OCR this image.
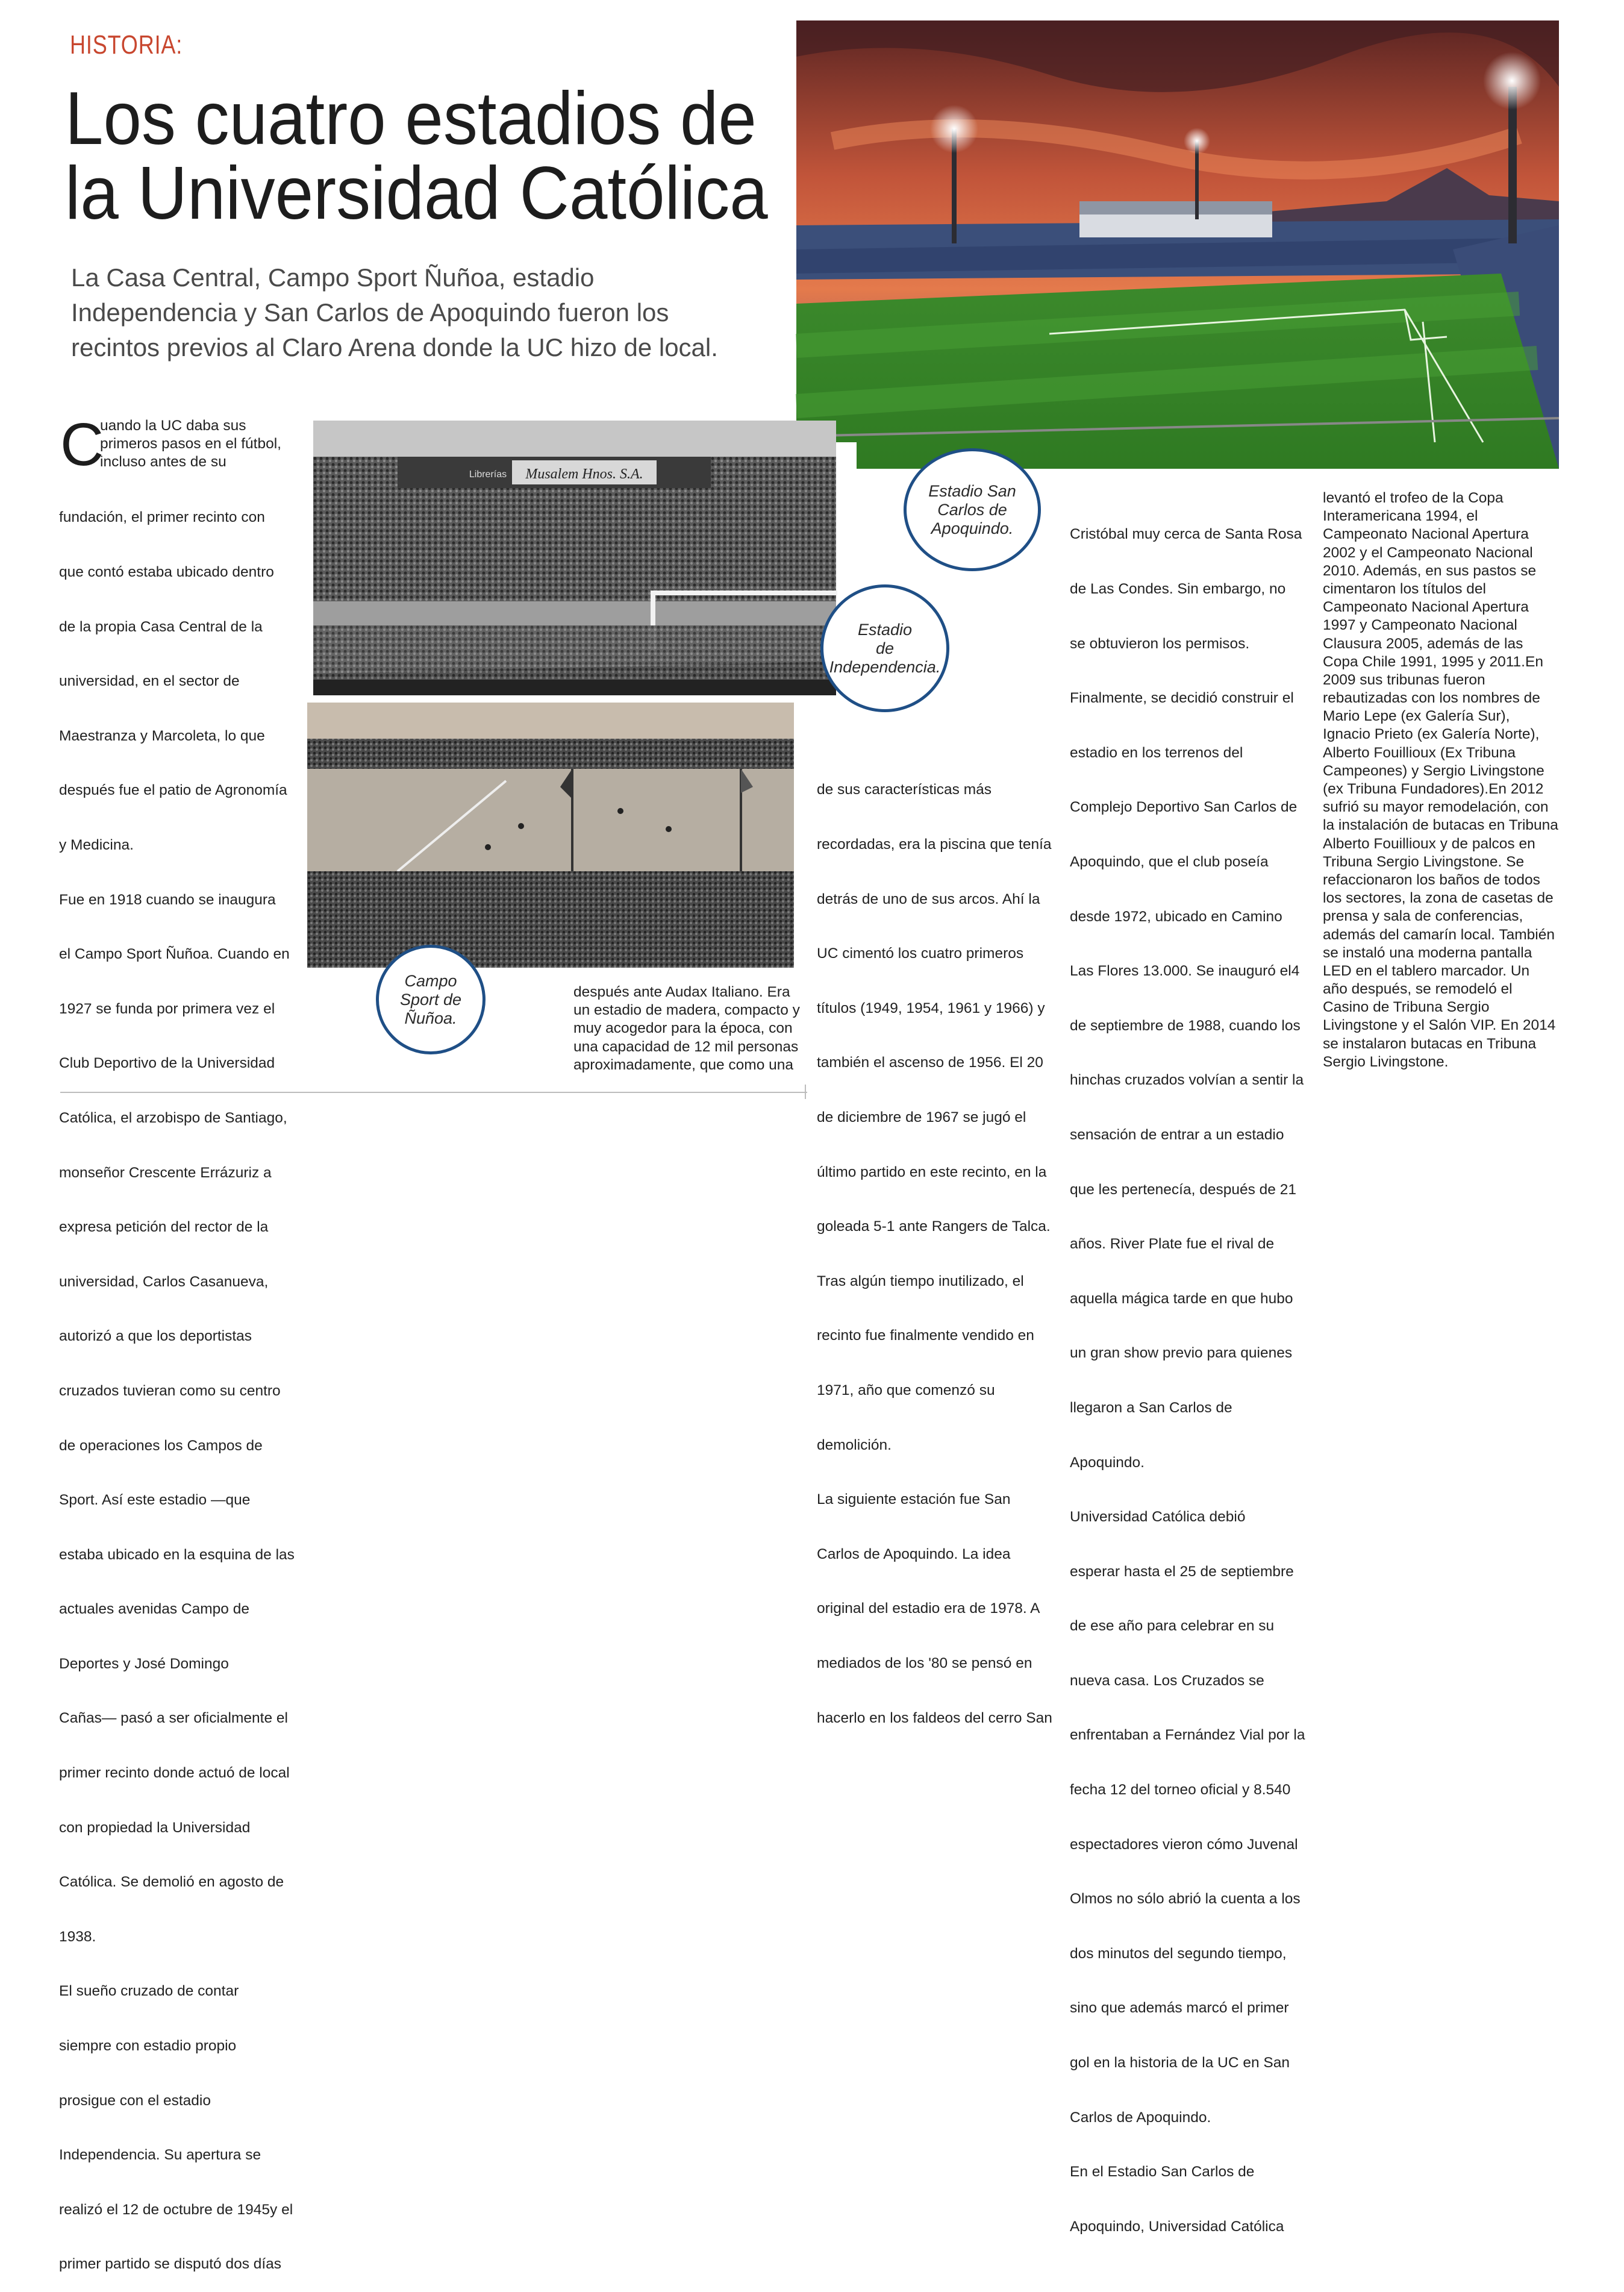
HISTORIA:
Los cuatro estadios de
la Universidad Católica
La Casa Central, Campo Sport Ñuñoa, estadio
Independencia y San Carlos de Apoquindo fueron los
recintos previos al Claro Arena donde la UC hizo de local.
Musalem Hnos. S.A.
Librerías
Estadio San
Carlos de
Apoquindo.
Estadio
de
Independencia.
Campo
Sport de
Ñuñoa.
C
uando la UC daba sus
primeros pasos en el fútbol,
incluso antes de su

fundación, el primer recinto con

que contó estaba ubicado dentro

de la propia Casa Central de la

universidad, en el sector de

Maestranza y Marcoleta, lo que

después fue el patio de Agronomía

y Medicina.

Fue en 1918 cuando se inaugura

el Campo Sport Ñuñoa. Cuando en

1927 se funda por primera vez el

Club Deportivo de la Universidad

Católica, el arzobispo de Santiago,

monseñor Crescente Errázuriz a

expresa petición del rector de la

universidad, Carlos Casanueva,

autorizó a que los deportistas

cruzados tuvieran como su centro

de operaciones los Campos de

Sport. Así este estadio —que

estaba ubicado en la esquina de las

actuales avenidas Campo de

Deportes y José Domingo

Cañas— pasó a ser oficialmente el

primer recinto donde actuó de local

con propiedad la Universidad

Católica. Se demolió en agosto de

1938.

El sueño cruzado de contar

siempre con estadio propio

prosigue con el estadio

Independencia. Su apertura se

realizó el 12 de octubre de 1945y el

primer partido se disputó dos días

después ante Audax Italiano. Era
un estadio de madera, compacto y
muy acogedor para la época, con
una capacidad de 12 mil personas
aproximadamente, que como una

de sus características más

recordadas, era la piscina que tenía

detrás de uno de sus arcos. Ahí la

UC cimentó los cuatro primeros

títulos (1949, 1954, 1961 y 1966) y

también el ascenso de 1956. El 20

de diciembre de 1967 se jugó el

último partido en este recinto, en la

goleada 5-1 ante Rangers de Talca.

Tras algún tiempo inutilizado, el

recinto fue finalmente vendido en

1971, año que comenzó su

demolición.

La siguiente estación fue San

Carlos de Apoquindo. La idea

original del estadio era de 1978. A

mediados de los '80 se pensó en

hacerlo en los faldeos del cerro San

Cristóbal muy cerca de Santa Rosa

de Las Condes. Sin embargo, no

se obtuvieron los permisos.

Finalmente, se decidió construir el

estadio en los terrenos del

Complejo Deportivo San Carlos de

Apoquindo, que el club poseía

desde 1972, ubicado en Camino

Las Flores 13.000. Se inauguró el4

de septiembre de 1988, cuando los

hinchas cruzados volvían a sentir la

sensación de entrar a un estadio

que les pertenecía, después de 21

años. River Plate fue el rival de

aquella mágica tarde en que hubo

un gran show previo para quienes

llegaron a San Carlos de

Apoquindo.

Universidad Católica debió

esperar hasta el 25 de septiembre

de ese año para celebrar en su

nueva casa. Los Cruzados se

enfrentaban a Fernández Vial por la

fecha 12 del torneo oficial y 8.540

espectadores vieron cómo Juvenal

Olmos no sólo abrió la cuenta a los

dos minutos del segundo tiempo,

sino que además marcó el primer

gol en la historia de la UC en San

Carlos de Apoquindo.

En el Estadio San Carlos de

Apoquindo, Universidad Católica

levantó el trofeo de la Copa
Interamericana 1994, el
Campeonato Nacional Apertura
2002 y el Campeonato Nacional
2010. Además, en sus pastos se
cimentaron los títulos del
Campeonato Nacional Apertura
1997 y Campeonato Nacional
Clausura 2005, además de las
Copa Chile 1991, 1995 y 2011.En
2009 sus tribunas fueron
rebautizadas con los nombres de
Mario Lepe (ex Galería Sur),
Ignacio Prieto (ex Galería Norte),
Alberto Fouillioux (Ex Tribuna
Campeones) y Sergio Livingstone
(ex Tribuna Fundadores).En 2012
sufrió su mayor remodelación, con
la instalación de butacas en Tribuna
Alberto Fouillioux y de palcos en
Tribuna Sergio Livingstone. Se
refaccionaron los baños de todos
los sectores, la zona de casetas de
prensa y sala de conferencias,
además del camarín local. También
se instaló una moderna pantalla
LED en el tablero marcador. Un
año después, se remodeló el
Casino de Tribuna Sergio
Livingstone y el Salón VIP. En 2014
se instalaron butacas en Tribuna
Sergio Livingstone.
